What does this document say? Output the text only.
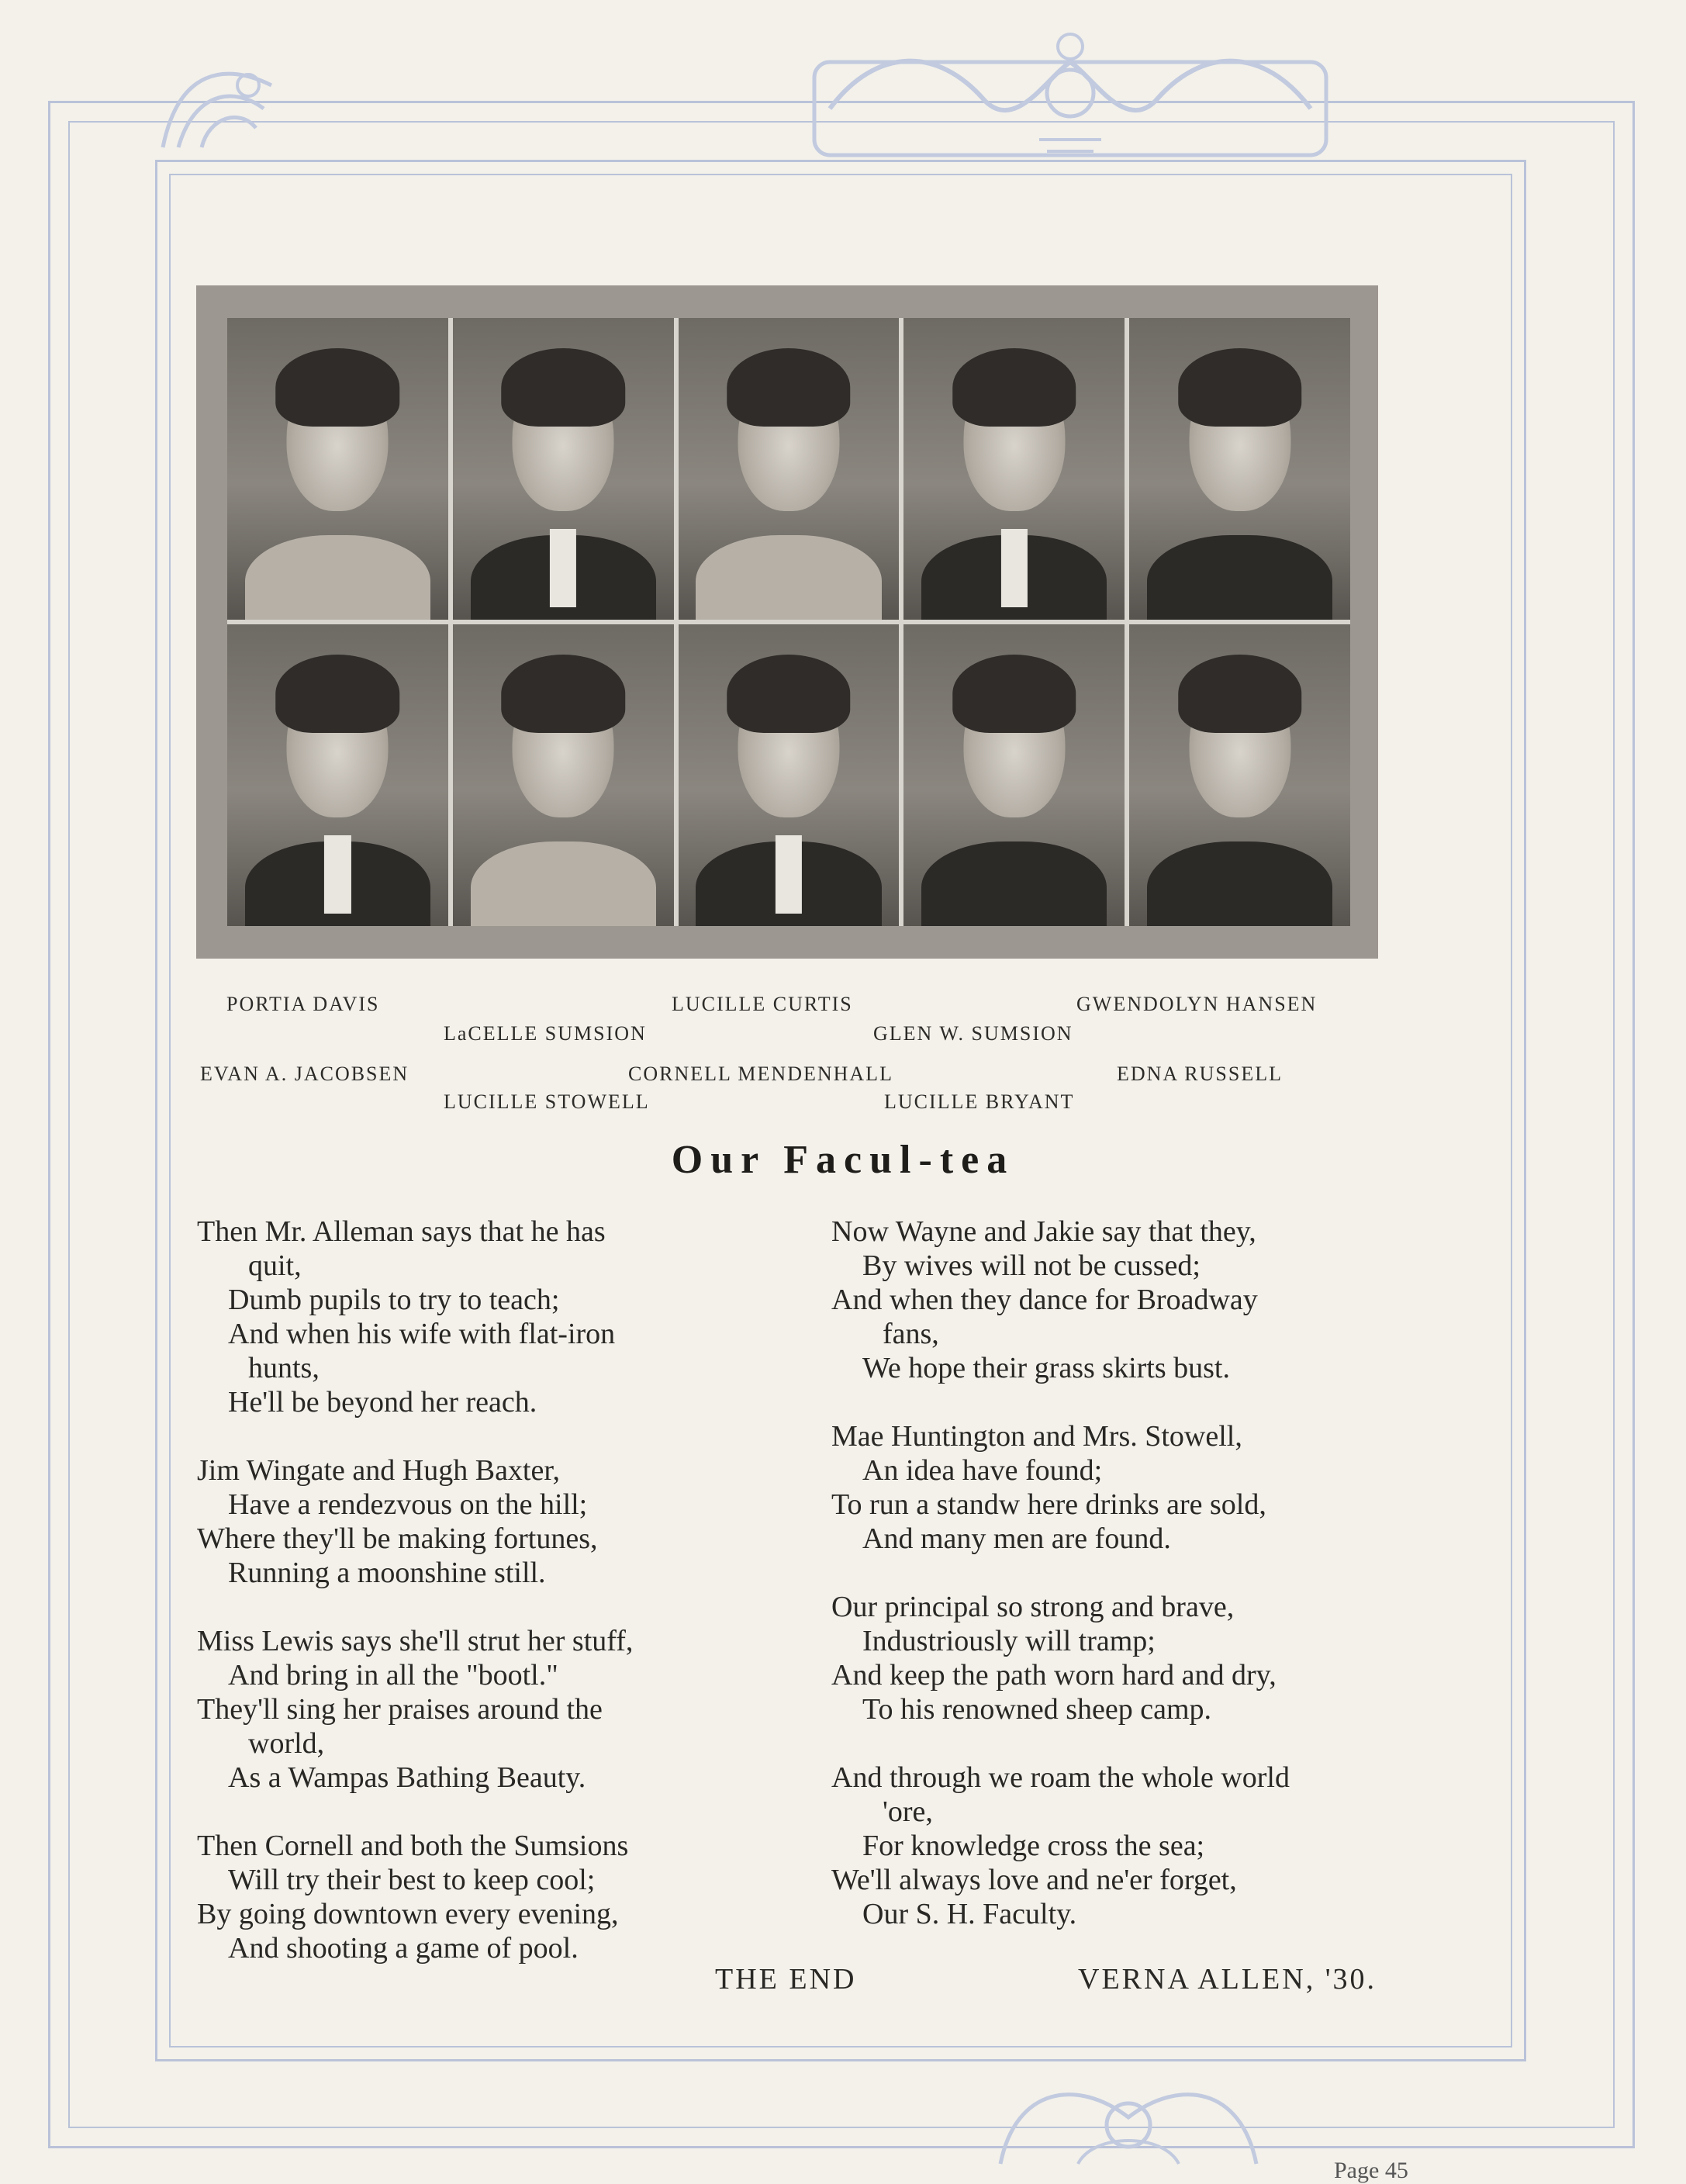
PORTIA DAVIS	LUCILLE CURTIS	GWENDOLYN HANSEN
LaCELLE SUMSION	GLEN W. SUMSION
EVAN A. JACOBSEN	CORNELL MENDENHALL	EDNA RUSSELL
LUCILLE STOWELL	LUCILLE BRYANT
Our Facul-tea
Then Mr. Alleman says that he has
quit,
Dumb pupils to try to teach;
And when his wife with flat-iron
hunts,
He'll be beyond her reach.
Jim Wingate and Hugh Baxter,
Have a rendezvous on the hill;
Where they'll be making fortunes,
Running a moonshine still.
Miss Lewis says she'll strut her stuff,
And bring in all the "bootl."
They'll sing her praises around the
world,
As a Wampas Bathing Beauty.
Then Cornell and both the Sumsions
Will try their best to keep cool;
By going downtown every evening,
And shooting a game of pool.
Now Wayne and Jakie say that they,
By wives will not be cussed;
And when they dance for Broadway
fans,
We hope their grass skirts bust.
Mae Huntington and Mrs. Stowell,
An idea have found;
To run a standw here drinks are sold,
And many men are found.
Our principal so strong and brave,
Industriously will tramp;
And keep the path worn hard and dry,
To his renowned sheep camp.
And through we roam the whole world
'ore,
For knowledge cross the sea;
We'll always love and ne'er forget,
Our S. H. Faculty.
THE END	VERNA ALLEN, '30.
Page 45
